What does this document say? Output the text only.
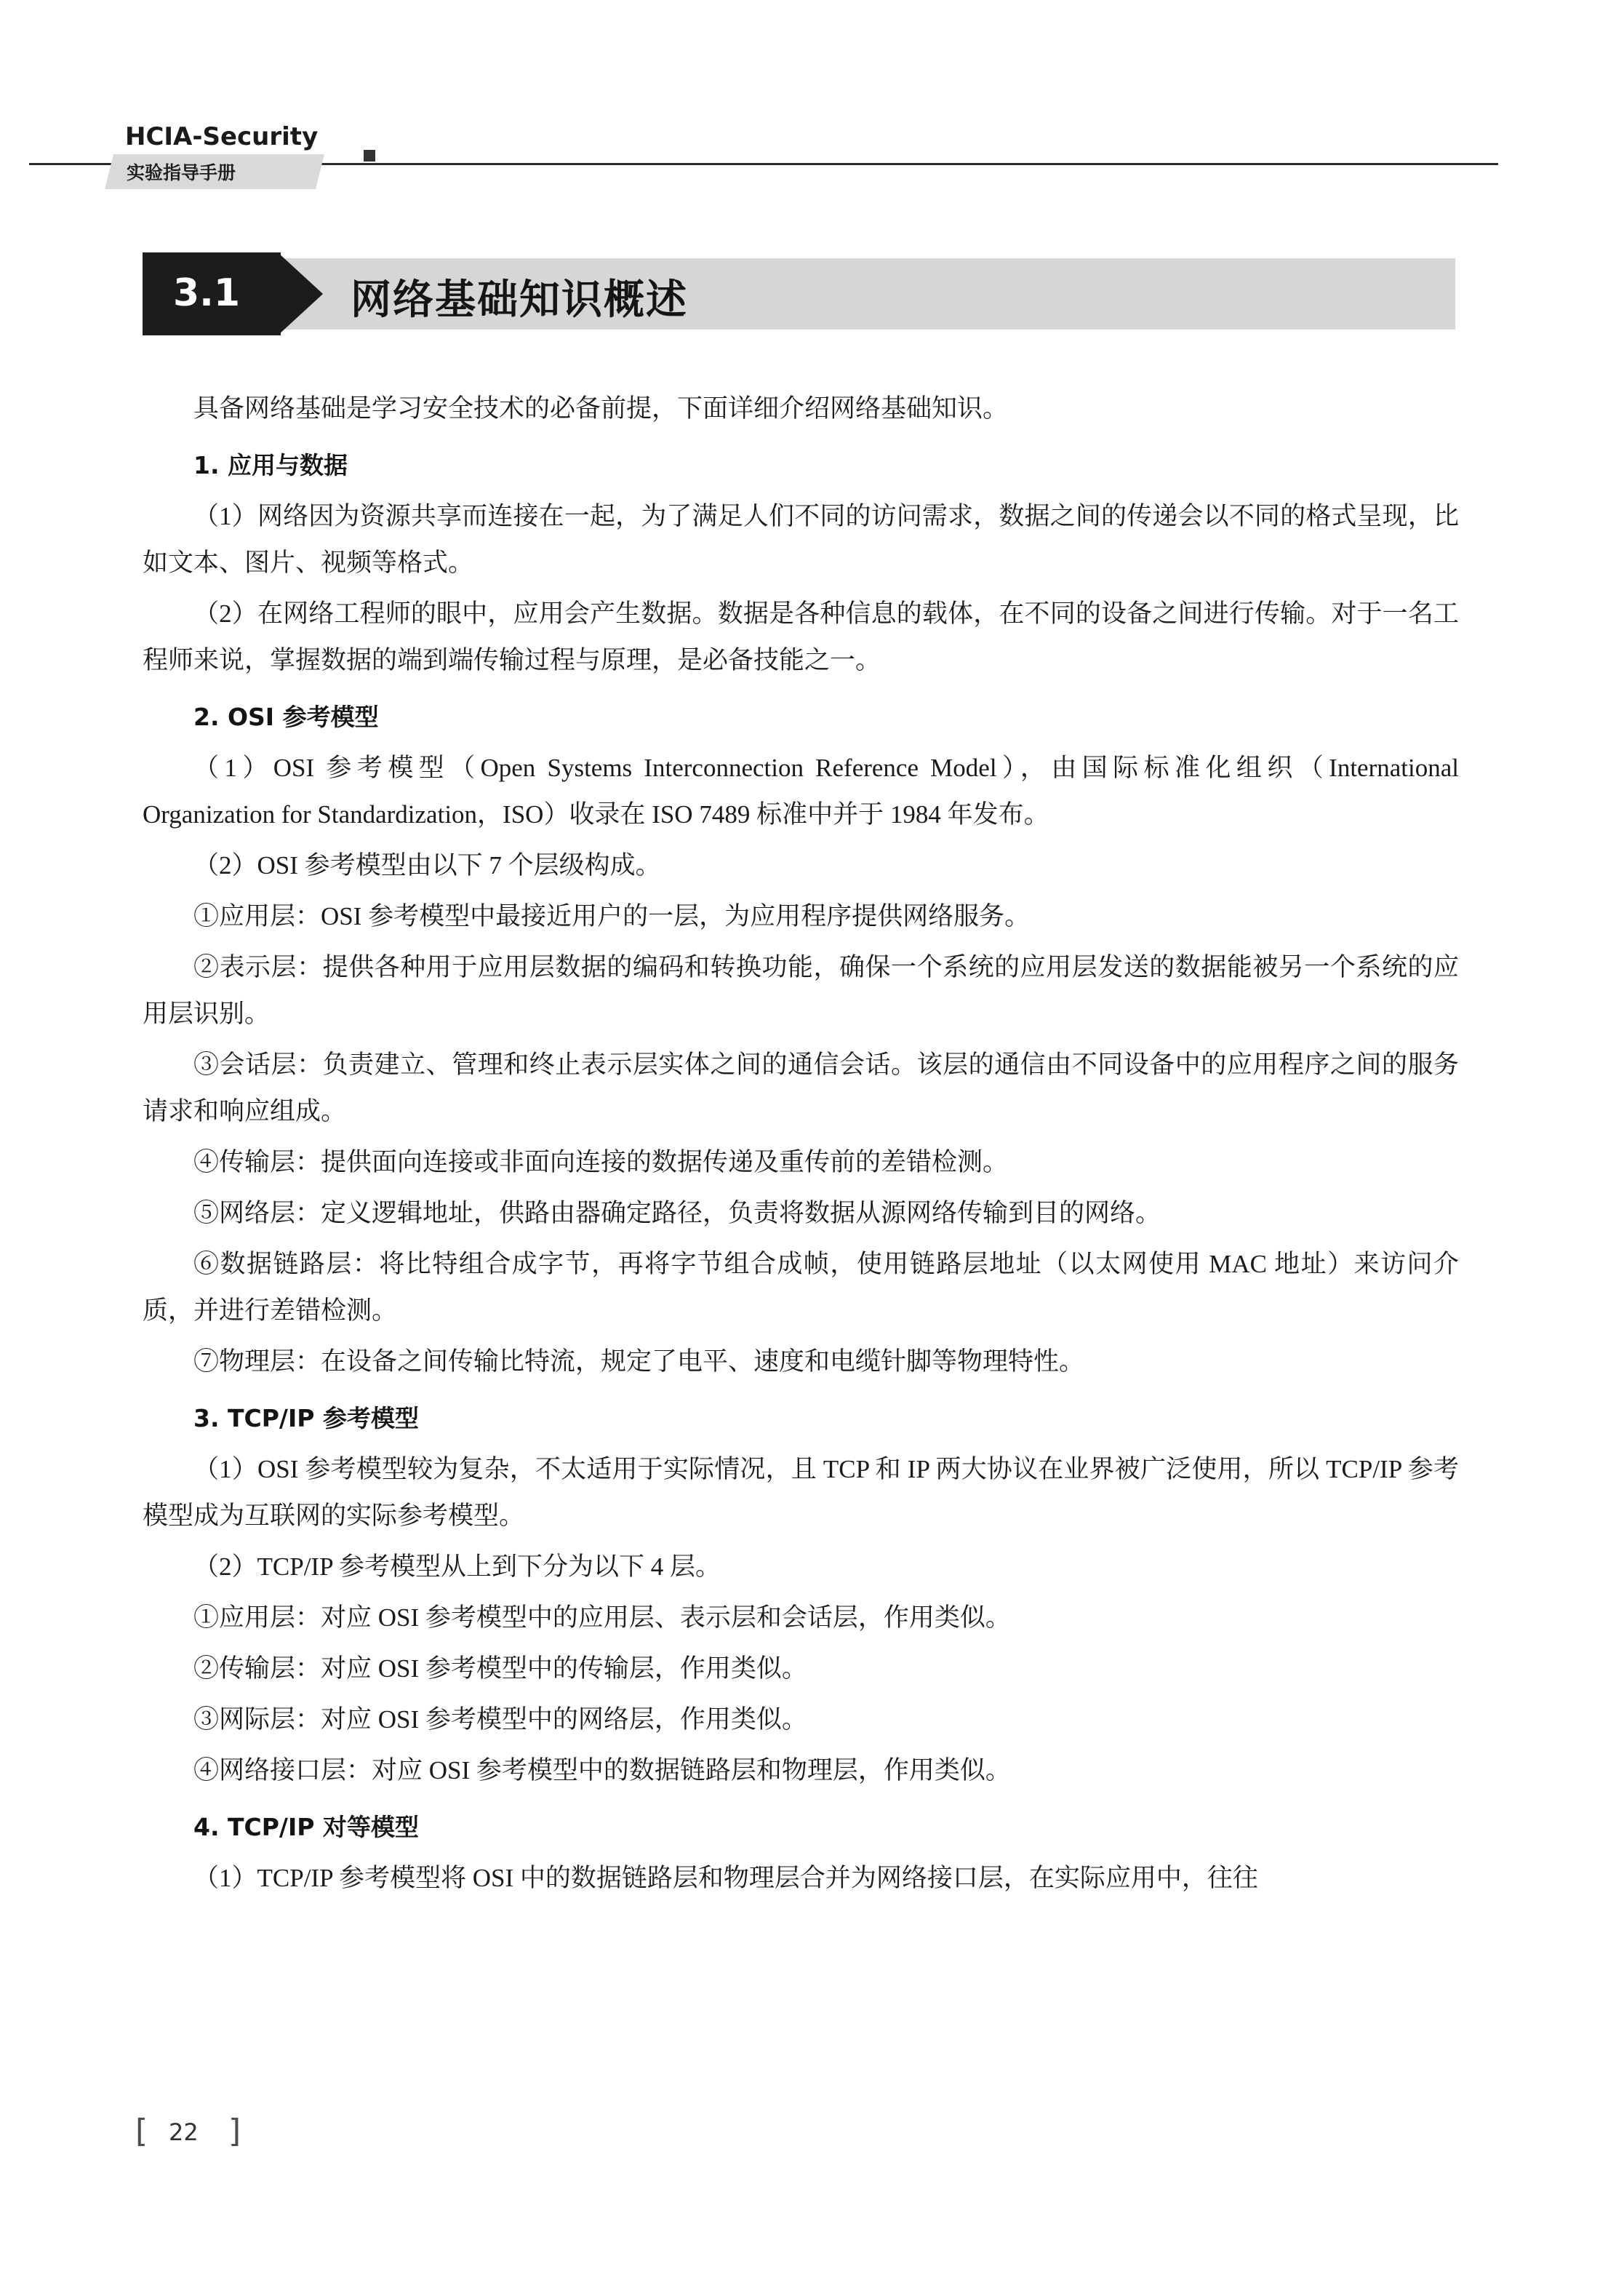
HCIA-Security
实验指导手册
3.1	网络基础知识概述

具备网络基础是学习安全技术的必备前提，下面详细介绍网络基础知识。

1. 应用与数据

（1）网络因为资源共享而连接在一起，为了满足人们不同的访问需求，数据之间的传递会以不同的格式呈现，比如文本、图片、视频等格式。

（2）在网络工程师的眼中，应用会产生数据。数据是各种信息的载体，在不同的设备之间进行传输。对于一名工程师来说，掌握数据的端到端传输过程与原理，是必备技能之一。

2. OSI 参考模型

（1）OSI 参考模型（Open Systems Interconnection Reference Model），由国际标准化组织（International Organization for Standardization，ISO）收录在 ISO 7489 标准中并于 1984 年发布。

（2）OSI 参考模型由以下 7 个层级构成。

①应用层：OSI 参考模型中最接近用户的一层，为应用程序提供网络服务。

②表示层：提供各种用于应用层数据的编码和转换功能，确保一个系统的应用层发送的数据能被另一个系统的应用层识别。

③会话层：负责建立、管理和终止表示层实体之间的通信会话。该层的通信由不同设备中的应用程序之间的服务请求和响应组成。

④传输层：提供面向连接或非面向连接的数据传递及重传前的差错检测。

⑤网络层：定义逻辑地址，供路由器确定路径，负责将数据从源网络传输到目的网络。

⑥数据链路层：将比特组合成字节，再将字节组合成帧，使用链路层地址（以太网使用 MAC 地址）来访问介质，并进行差错检测。

⑦物理层：在设备之间传输比特流，规定了电平、速度和电缆针脚等物理特性。

3. TCP/IP 参考模型

（1）OSI 参考模型较为复杂，不太适用于实际情况，且 TCP 和 IP 两大协议在业界被广泛使用，所以 TCP/IP 参考模型成为互联网的实际参考模型。

（2）TCP/IP 参考模型从上到下分为以下 4 层。

①应用层：对应 OSI 参考模型中的应用层、表示层和会话层，作用类似。

②传输层：对应 OSI 参考模型中的传输层，作用类似。

③网际层：对应 OSI 参考模型中的网络层，作用类似。

④网络接口层：对应 OSI 参考模型中的数据链路层和物理层，作用类似。

4. TCP/IP 对等模型

（1）TCP/IP 参考模型将 OSI 中的数据链路层和物理层合并为网络接口层，在实际应用中，往往

[ 22 ]
